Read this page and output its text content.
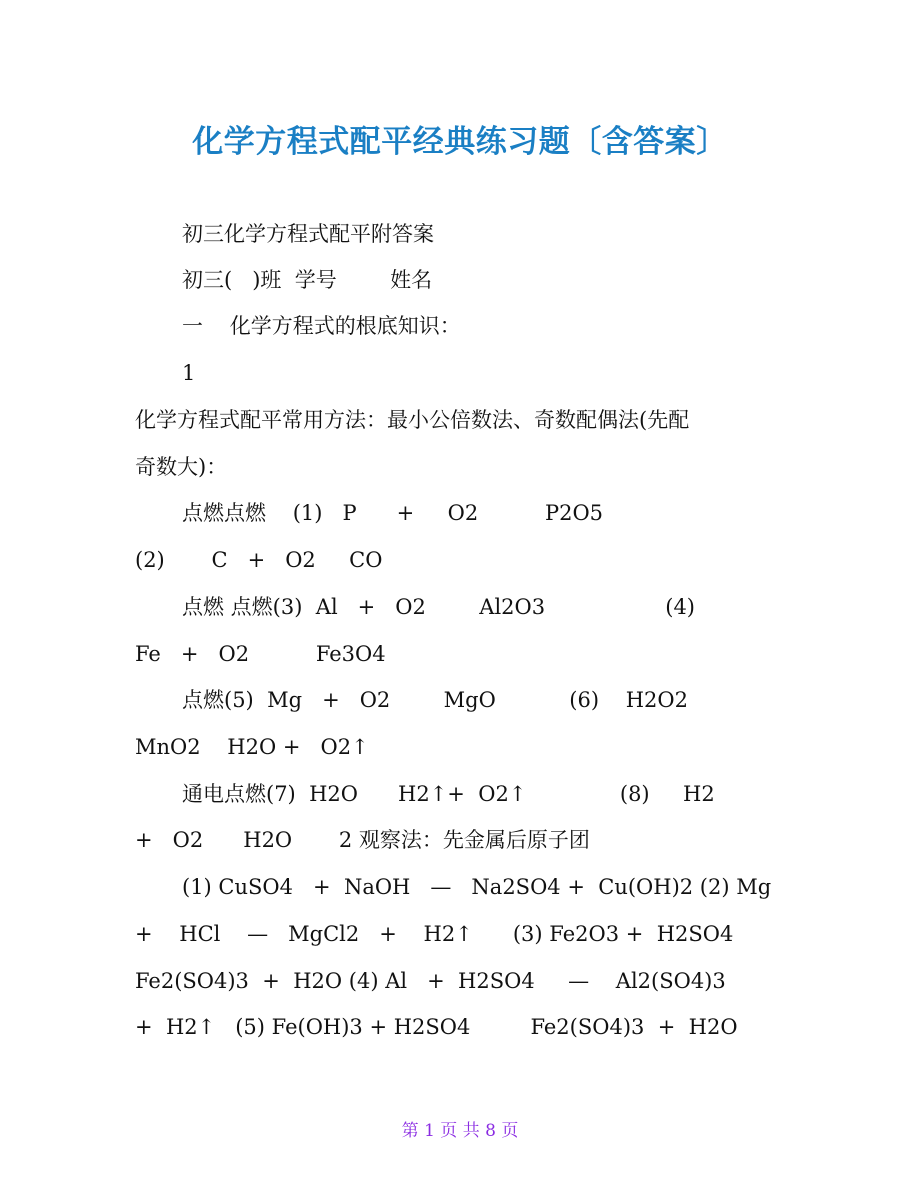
化学方程式配平经典练习题〔含答案〕
初三化学方程式配平附答案
初三(   )班  学号        姓名
一    化学方程式的根底知识：
1
化学方程式配平常用方法：最小公倍数法、奇数配偶法(先配
奇数大)：
点燃点燃    (1)   P      +     O2          P2O5
(2)       C   +   O2     CO
点燃 点燃(3)  Al   +   O2        Al2O3                  (4)
Fe   +   O2          Fe3O4
点燃(5)  Mg   +   O2        MgO           (6)    H2O2
MnO2    H2O +   O2↑
通电点燃(7)  H2O      H2↑+  O2↑              (8)     H2
+   O2      H2O       2 观察法：先金属后原子团
(1) CuSO4   +  NaOH   —   Na2SO4 +  Cu(OH)2 (2) Mg
+    HCl    —   MgCl2   +    H2↑      (3) Fe2O3 +  H2SO4
Fe2(SO4)3  +  H2O (4) Al   +  H2SO4     —    Al2(SO4)3
+  H2↑   (5) Fe(OH)3 + H2SO4         Fe2(SO4)3  +  H2O
第 1 页 共 8 页
